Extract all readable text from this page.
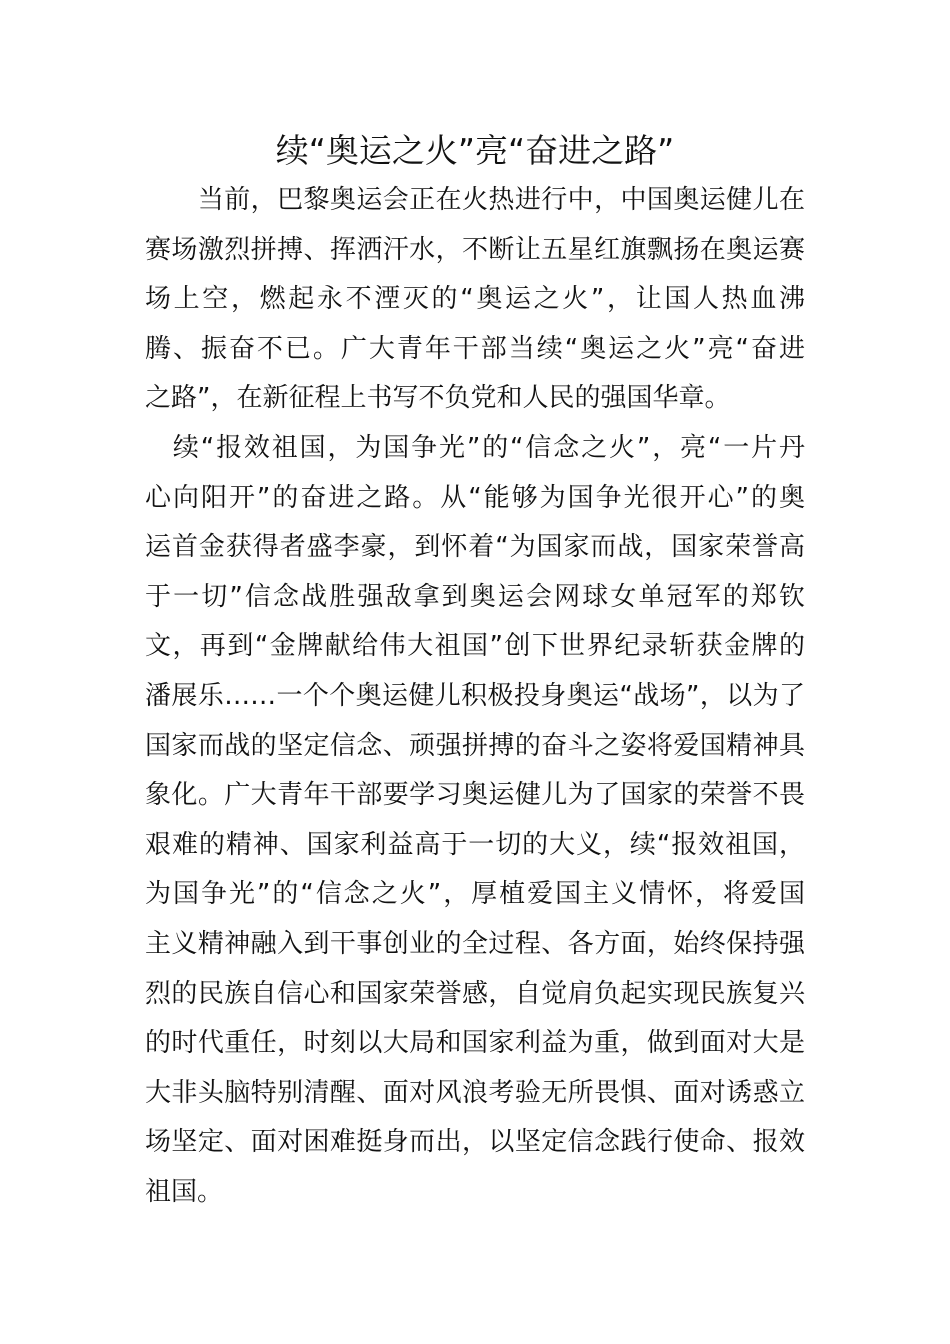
续“奥运之火”亮“奋进之路”
　　当前，巴黎奥运会正在火热进行中，中国奥运健儿在
赛场激烈拼搏、挥洒汗水，不断让五星红旗飘扬在奥运赛
场上空，燃起永不湮灭的“奥运之火”，让国人热血沸
腾、振奋不已。广大青年干部当续“奥运之火”亮“奋进
之路”，在新征程上书写不负党和人民的强国华章。
　续“报效祖国，为国争光”的“信念之火”，亮“一片丹
心向阳开”的奋进之路。从“能够为国争光很开心”的奥
运首金获得者盛李豪，到怀着“为国家而战，国家荣誉高
于一切”信念战胜强敌拿到奥运会网球女单冠军的郑钦
文，再到“金牌献给伟大祖国”创下世界纪录斩获金牌的
潘展乐……一个个奥运健儿积极投身奥运“战场”，以为了
国家而战的坚定信念、顽强拼搏的奋斗之姿将爱国精神具
象化。广大青年干部要学习奥运健儿为了国家的荣誉不畏
艰难的精神、国家利益高于一切的大义，续“报效祖国，
为国争光”的“信念之火”，厚植爱国主义情怀，将爱国
主义精神融入到干事创业的全过程、各方面，始终保持强
烈的民族自信心和国家荣誉感，自觉肩负起实现民族复兴
的时代重任，时刻以大局和国家利益为重，做到面对大是
大非头脑特别清醒、面对风浪考验无所畏惧、面对诱惑立
场坚定、面对困难挺身而出，以坚定信念践行使命、报效
祖国。
